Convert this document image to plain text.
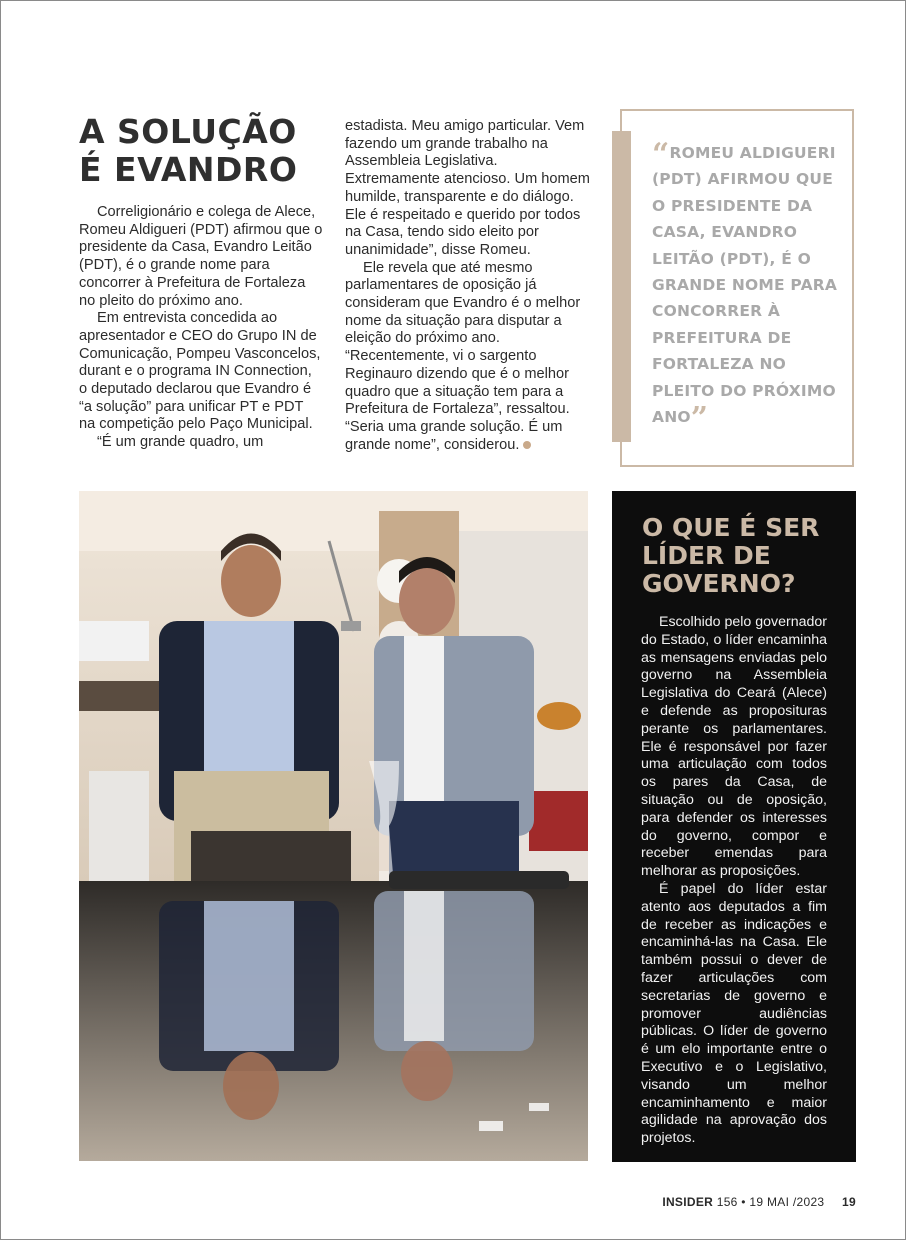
A SOLUÇÃO É EVANDRO

Correligionário e colega de Alece, Romeu Aldigueri (PDT) afirmou que o presidente da Casa, Evandro Leitão (PDT), é o grande nome para concorrer à Prefeitura de Fortaleza no pleito do próximo ano.

Em entrevista concedida ao apresentador e CEO do Grupo IN de Comunicação, Pompeu Vasconcelos, durant e o programa IN Connection, o deputado declarou que Evandro é “a solução” para unificar PT e PDT na competição pelo Paço Municipal.

“É um grande quadro, um

estadista. Meu amigo particular. Vem fazendo um grande trabalho na Assembleia Legislativa. Extremamente atencioso. Um homem humilde, transparente e do diálogo. Ele é respeitado e querido por todos na Casa, tendo sido eleito por unanimidade”, disse Romeu.

Ele revela que até mesmo parlamentares de oposição já consideram que Evandro é o melhor nome da situação para disputar a eleição do próximo ano. “Recentemente, vi o sargento Reginauro dizendo que é o melhor quadro que a situação tem para a Prefeitura de Fortaleza”, ressaltou. “Seria uma grande solução. É um grande nome”, considerou.

“ROMEU ALDIGUERI (PDT) AFIRMOU QUE O PRESIDENTE DA CASA, EVANDRO LEITÃO (PDT), É O GRANDE NOME PARA CONCORRER À PREFEITURA DE FORTALEZA NO PLEITO DO PRÓXIMO ANO”
O QUE É SER LÍDER DE GOVERNO?

Escolhido pelo governador do Estado, o líder encaminha as mensagens enviadas pelo governo na Assembleia Legislativa do Ceará (Alece) e defende as proposituras perante os parlamentares. Ele é responsável por fazer uma articulação com todos os pares da Casa, de situação ou de oposição, para defender os interesses do governo, compor e receber emendas para melhorar as proposições.

É papel do líder estar atento aos deputados a fim de receber as indicações e encaminhá-las na Casa. Ele também possui o dever de fazer articulações com secretarias de governo e promover audiências públicas. O líder de governo é um elo importante entre o Executivo e o Legislativo, visando um melhor encaminhamento e maior agilidade na aprovação dos projetos.

INSIDER 156 • 19 MAI /2023 19
